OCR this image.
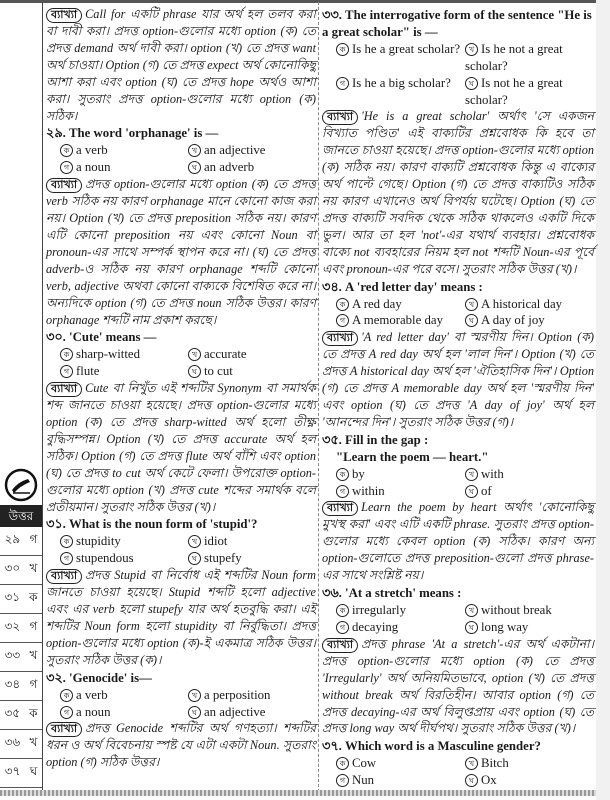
উত্তর
২৯ গ
৩০ খ
৩১ ক
৩২ গ
৩৩ খ
৩৪ গ
৩৫ ক
৩৬ খ
৩৭ ঘ
ব্যাখ্যা Call for একটি phrase যার অর্থ হল তলব করা বা দাবী করা। প্রদত্ত option-গুলোর মধ্যে option (ক) তে প্রদত্ত demand অর্থ দাবী করা। option (খ) তে প্রদত্ত want অর্থ চাওয়া। Option (গ) তে প্রদত্ত expect অর্থ কোনোকিছু আশা করা এবং option (ঘ) তে প্রদত্ত hope অর্থও আশা করা। সুতরাং প্রদত্ত option-গুলোর মধ্যে option (ক) সঠিক।
২৯. The word 'orphanage' is —
ক a verb	খ an adjective
গ a noun	ঘ an adverb
ব্যাখ্যা প্রদত্ত option-গুলোর মধ্যে option (ক) তে প্রদত্ত verb সঠিক নয় কারণ orphanage মানে কোনো কাজ করা নয়। Option (খ) তে প্রদত্ত preposition সঠিক নয়। কারণ এটি কোনো preposition নয় এবং কোনো Noun বা pronoun-এর সাথে সম্পর্ক স্থাপন করে না। (ঘ) তে প্রদত্ত adverb-ও সঠিক নয় কারণ orphanage শব্দটি কোনো verb, adjective অথবা কোনো বাক্যকে বিশেষিত করে না। অন্যদিকে option (গ) তে প্রদত্ত noun সঠিক উত্তর। কারণ orphanage শব্দটি নাম প্রকাশ করছে।
৩০. 'Cute' means —
ক sharp-witted	খ accurate
গ flute	ঘ to cut
ব্যাখ্যা Cute বা নিখুঁত এই শব্দটির Synonym বা সমার্থক শব্দ জানতে চাওয়া হয়েছে। প্রদত্ত option-গুলোর মধ্যে option (ক) তে প্রদত্ত sharp-witted অর্থ হলো তীক্ষ্ণ বুদ্ধিসম্পন্ন। Option (খ) তে প্রদত্ত accurate অর্থ হল সঠিক। Option (গ) তে প্রদত্ত flute অর্থ বাঁশি এবং option (ঘ) তে প্রদত্ত to cut অর্থ কেটে ফেলা। উপরোক্ত option-গুলোর মধ্যে option (খ) প্রদত্ত cute শব্দের সমার্থক বলে প্রতীয়মান। সুতরাং সঠিক উত্তর (খ)।
৩১. What is the noun form of 'stupid'?
ক stupidity	খ idiot
গ stupendous	ঘ stupefy
ব্যাখ্যা প্রদত্ত Stupid বা নির্বোধ এই শব্দটির Noun form জানতে চাওয়া হয়েছে। Stupid শব্দটি হলো adjective এবং এর verb হলো stupefy যার অর্থ হতবুদ্ধি করা। এই শব্দটির Noun form হলো stupidity বা নির্বুদ্ধিতা। প্রদত্ত option-গুলোর মধ্যে option (ক)-ই একমাত্র সঠিক উত্তর। সুতরাং সঠিক উত্তর (ক)।
৩২. 'Genocide' is—
ক a verb	খ a perposition
গ a noun	ঘ an adjective
ব্যাখ্যা প্রদত্ত Genocide শব্দটির অর্থ গণহত্যা। শব্দটির ধরন ও অর্থ বিবেচনায় স্পষ্ট যে এটা একটা Noun. সুতরাং option (গ) সঠিক উত্তর।
৩৩. The interrogative form of the sentence "He is a great scholar" is —
ক Is he a great scholar?	খ Is he not a great scholar?
গ Is he a big scholar?	ঘ Is not he a great scholar?
ব্যাখ্যা 'He is a great scholar' অর্থাৎ 'সে একজন বিখ্যাত পণ্ডিত' এই বাক্যটির প্রশ্নবোধক কি হবে তা জানতে চাওয়া হয়েছে। প্রদত্ত option-গুলোর মধ্যে option (ক) সঠিক নয়। কারণ বাক্যটি প্রশ্নবোধক কিন্তু এ বাক্যের অর্থ পাল্টে গেছে। Option (গ) তে প্রদত্ত বাক্যটিও সঠিক নয় কারণ এখানেও অর্থ বিপর্যয় ঘটেছে। Option (ঘ) তে প্রদত্ত বাক্যটি সবদিক থেকে সঠিক থাকলেও একটি দিকে ভুল। আর তা হল 'not'-এর যথার্থ ব্যবহার। প্রশ্নবোধক বাক্যে not ব্যবহারের নিয়ম হল not শব্দটি Noun-এর পূর্বে এবং pronoun-এর পরে বসে। সুতরাং সঠিক উত্তর (খ)।
৩৪. A 'red letter day' means :
ক A red day	খ A historical day
গ A memorable day	ঘ A day of joy
ব্যাখ্যা 'A red letter day' বা স্মরণীয় দিন। Option (ক) তে প্রদত্ত A red day অর্থ হল 'লাল দিন'। Option (খ) তে প্রদত্ত A historical day অর্থ হল 'ঐতিহাসিক দিন'। Option (গ) তে প্রদত্ত A memorable day অর্থ হল 'স্মরণীয় দিন' এবং option (ঘ) তে প্রদত্ত 'A day of joy' অর্থ হল 'আনন্দের দিন'। সুতরাং সঠিক উত্তর (গ)।
৩৫. Fill in the gap :
"Learn the poem — heart."
ক by	খ with
গ within	ঘ of
ব্যাখ্যা Learn the poem by heart অর্থাৎ 'কোনোকিছু মুখস্থ করা' এবং এটি একটি phrase. সুতরাং প্রদত্ত option-গুলোর মধ্যে কেবল option (ক) সঠিক। কারণ অন্য option-গুলোতে প্রদত্ত preposition-গুলো প্রদত্ত phrase-এর সাথে সংশ্লিষ্ট নয়।
৩৬. 'At a stretch' means :
ক irregularly	খ without break
গ decaying	ঘ long way
ব্যাখ্যা প্রদত্ত phrase 'At a stretch'-এর অর্থ একটানা। প্রদত্ত option-গুলোর মধ্যে option (ক) তে প্রদত্ত 'Irregularly' অর্থ অনিয়মিতভাবে, option (খ) তে প্রদত্ত without break অর্থ বিরতিহীন। আবার option (গ) তে প্রদত্ত decaying-এর অর্থ বিলুপ্তপ্রায় এবং option (ঘ) তে প্রদত্ত long way অর্থ দীর্ঘপথ। সুতরাং সঠিক উত্তর (খ)।
৩৭. Which word is a Masculine gender?
ক Cow	খ Bitch
গ Nun	ঘ Ox
